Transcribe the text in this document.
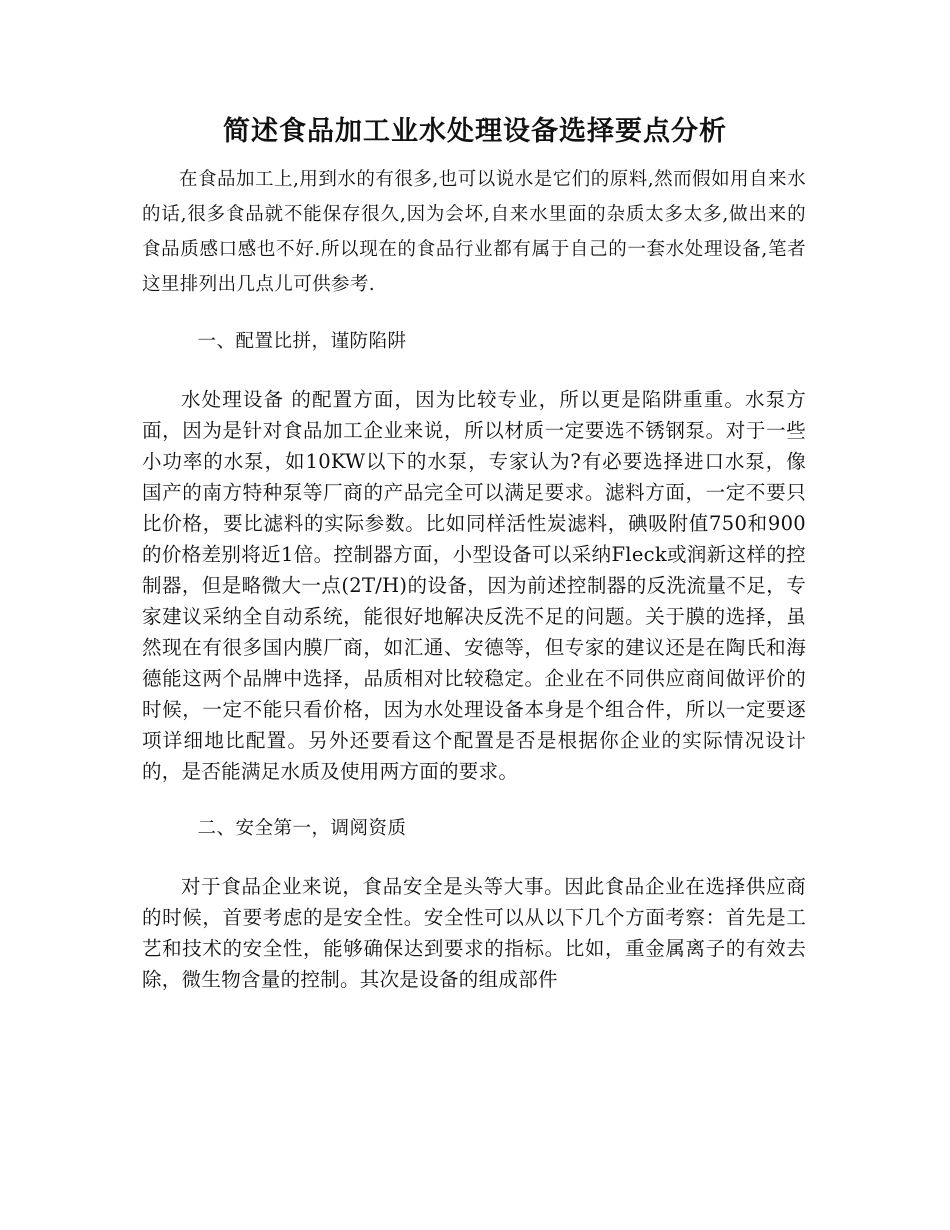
简述食品加工业水处理设备选择要点分析

在食品加工上,用到水的有很多,也可以说水是它们的原料,然而假如用自来水的话,很多食品就不能保存很久,因为会坏,自来水里面的杂质太多太多,做出来的食品质感口感也不好.所以现在的食品行业都有属于自己的一套水处理设备,笔者这里排列出几点儿可供参考.

一、配置比拼，谨防陷阱

水处理设备 的配置方面，因为比较专业，所以更是陷阱重重。水泵方面，因为是针对食品加工企业来说，所以材质一定要选不锈钢泵。对于一些小功率的水泵，如10KW以下的水泵，专家认为?有必要选择进口水泵，像国产的南方特种泵等厂商的产品完全可以满足要求。滤料方面，一定不要只比价格，要比滤料的实际参数。比如同样活性炭滤料，碘吸附值750和900的价格差别将近1倍。控制器方面，小型设备可以采纳Fleck或润新这样的控制器，但是略微大一点(2T/H)的设备，因为前述控制器的反洗流量不足，专家建议采纳全自动系统，能很好地解决反洗不足的问题。关于膜的选择，虽然现在有很多国内膜厂商，如汇通、安德等，但专家的建议还是在陶氏和海德能这两个品牌中选择，品质相对比较稳定。企业在不同供应商间做评价的时候，一定不能只看价格，因为水处理设备本身是个组合件，所以一定要逐项详细地比配置。另外还要看这个配置是否是根据你企业的实际情况设计的，是否能满足水质及使用两方面的要求。

二、安全第一，调阅资质

对于食品企业来说，食品安全是头等大事。因此食品企业在选择供应商的时候，首要考虑的是安全性。安全性可以从以下几个方面考察：首先是工艺和技术的安全性，能够确保达到要求的指标。比如，重金属离子的有效去除，微生物含量的控制。其次是设备的组成部件
